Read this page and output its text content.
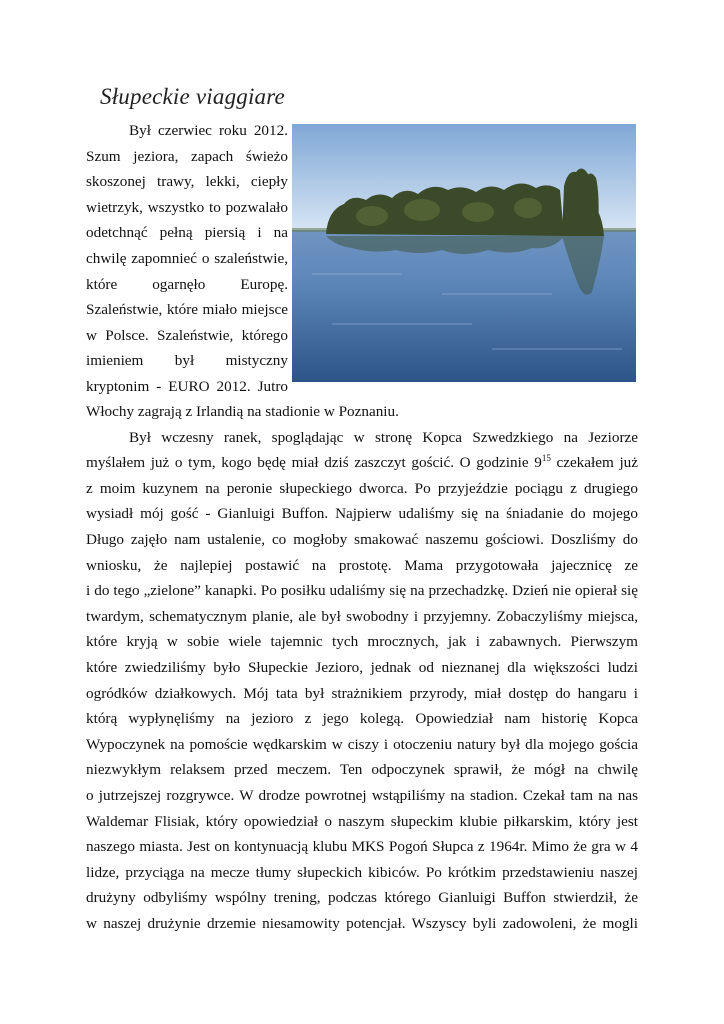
Słupeckie viaggiare
Był czerwiec roku 2012.
Szum jeziora, zapach świeżo
skoszonej trawy, lekki, ciepły
wietrzyk, wszystko to pozwalało
odetchnąć pełną piersią i na
chwilę zapomnieć o szaleństwie,
które ogarnęło Europę.
Szaleństwie, które miało miejsce
w Polsce. Szaleństwie, którego
imieniem był mistyczny
kryptonim - EURO 2012. Jutro
Włochy zagrają z Irlandią na stadionie w Poznaniu.
Był wczesny ranek, spoglądając w stronę Kopca Szwedzkiego na Jeziorze
myślałem już o tym, kogo będę miał dziś zaszczyt gościć. O godzinie $9^{15}$ czekałem już
z moim kuzynem na peronie słupeckiego dworca. Po przyjeździe pociągu z drugiego
wysiadł mój gość - Gianluigi Buffon. Najpierw udaliśmy się na śniadanie do mojego
Długo zajęło nam ustalenie, co mogłoby smakować naszemu gościowi. Doszliśmy do
wniosku, że najlepiej postawić na prostotę. Mama przygotowała jajecznicę ze
i do tego „zielone” kanapki. Po posiłku udaliśmy się na przechadzkę. Dzień nie opierał się
twardym, schematycznym planie, ale był swobodny i przyjemny. Zobaczyliśmy miejsca,
które kryją w sobie wiele tajemnic tych mrocznych, jak i zabawnych. Pierwszym
które zwiedziliśmy było Słupeckie Jezioro, jednak od nieznanej dla większości ludzi
ogródków działkowych. Mój tata był strażnikiem przyrody, miał dostęp do hangaru i
którą wypłynęliśmy na jezioro z jego kolegą. Opowiedział nam historię Kopca
Wypoczynek na pomoście wędkarskim w ciszy i otoczeniu natury był dla mojego gościa
niezwykłym relaksem przed meczem. Ten odpoczynek sprawił, że mógł na chwilę
o jutrzejszej rozgrywce. W drodze powrotnej wstąpiliśmy na stadion. Czekał tam na nas
Waldemar Flisiak, który opowiedział o naszym słupeckim klubie piłkarskim, który jest
naszego miasta. Jest on kontynuacją klubu MKS Pogoń Słupca z 1964r. Mimo że gra w 4
lidze, przyciąga na mecze tłumy słupeckich kibiców. Po krótkim przedstawieniu naszej
drużyny odbyliśmy wspólny trening, podczas którego Gianluigi Buffon stwierdził, że
w naszej drużynie drzemie niesamowity potencjał. Wszyscy byli zadowoleni, że mogli
